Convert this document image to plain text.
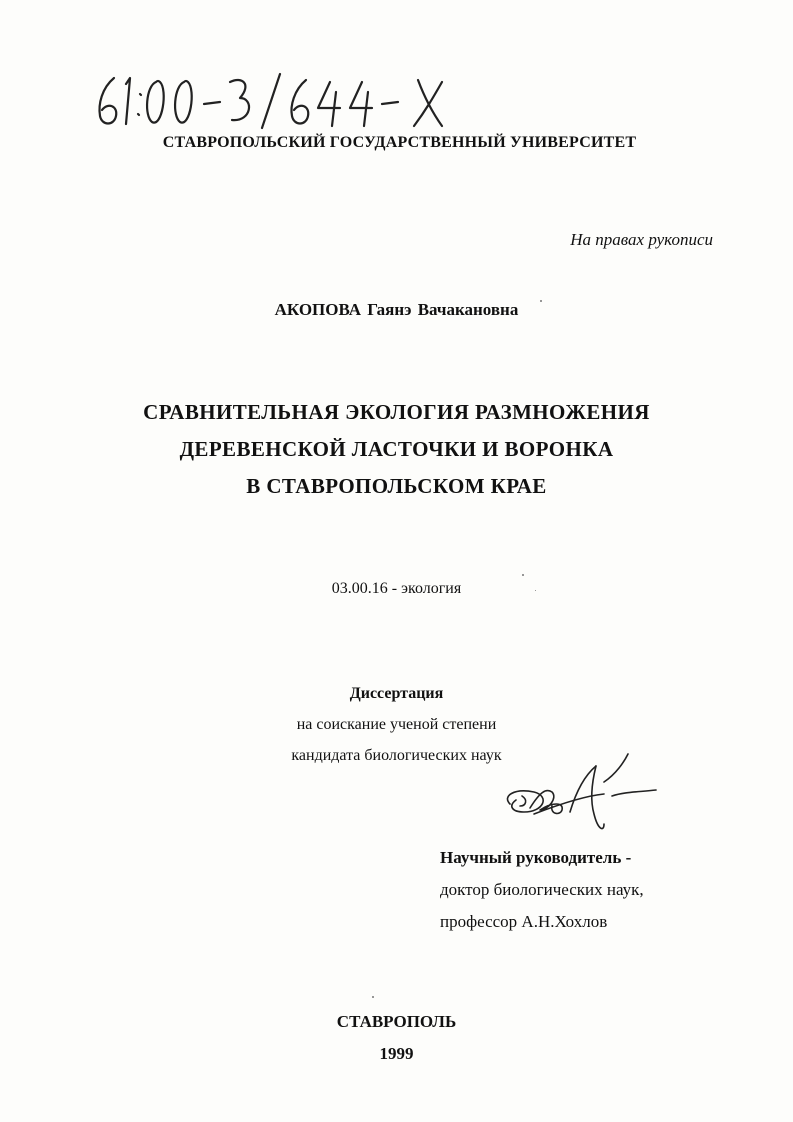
СТАВРОПОЛЬСКИЙ ГОСУДАРСТВЕННЫЙ УНИВЕРСИТЕТ

На правах рукописи

АКОПОВА Гаянэ Вачакановна

СРАВНИТЕЛЬНАЯ ЭКОЛОГИЯ РАЗМНОЖЕНИЯ
ДЕРЕВЕНСКОЙ ЛАСТОЧКИ И ВОРОНКА
В СТАВРОПОЛЬСКОМ КРАЕ

03.00.16 - экология

Диссертация
на соискание ученой степени
кандидата биологических наук
Научный руководитель -
доктор биологических наук,
профессор А.Н.Хохлов
СТАВРОПОЛЬ
1999
